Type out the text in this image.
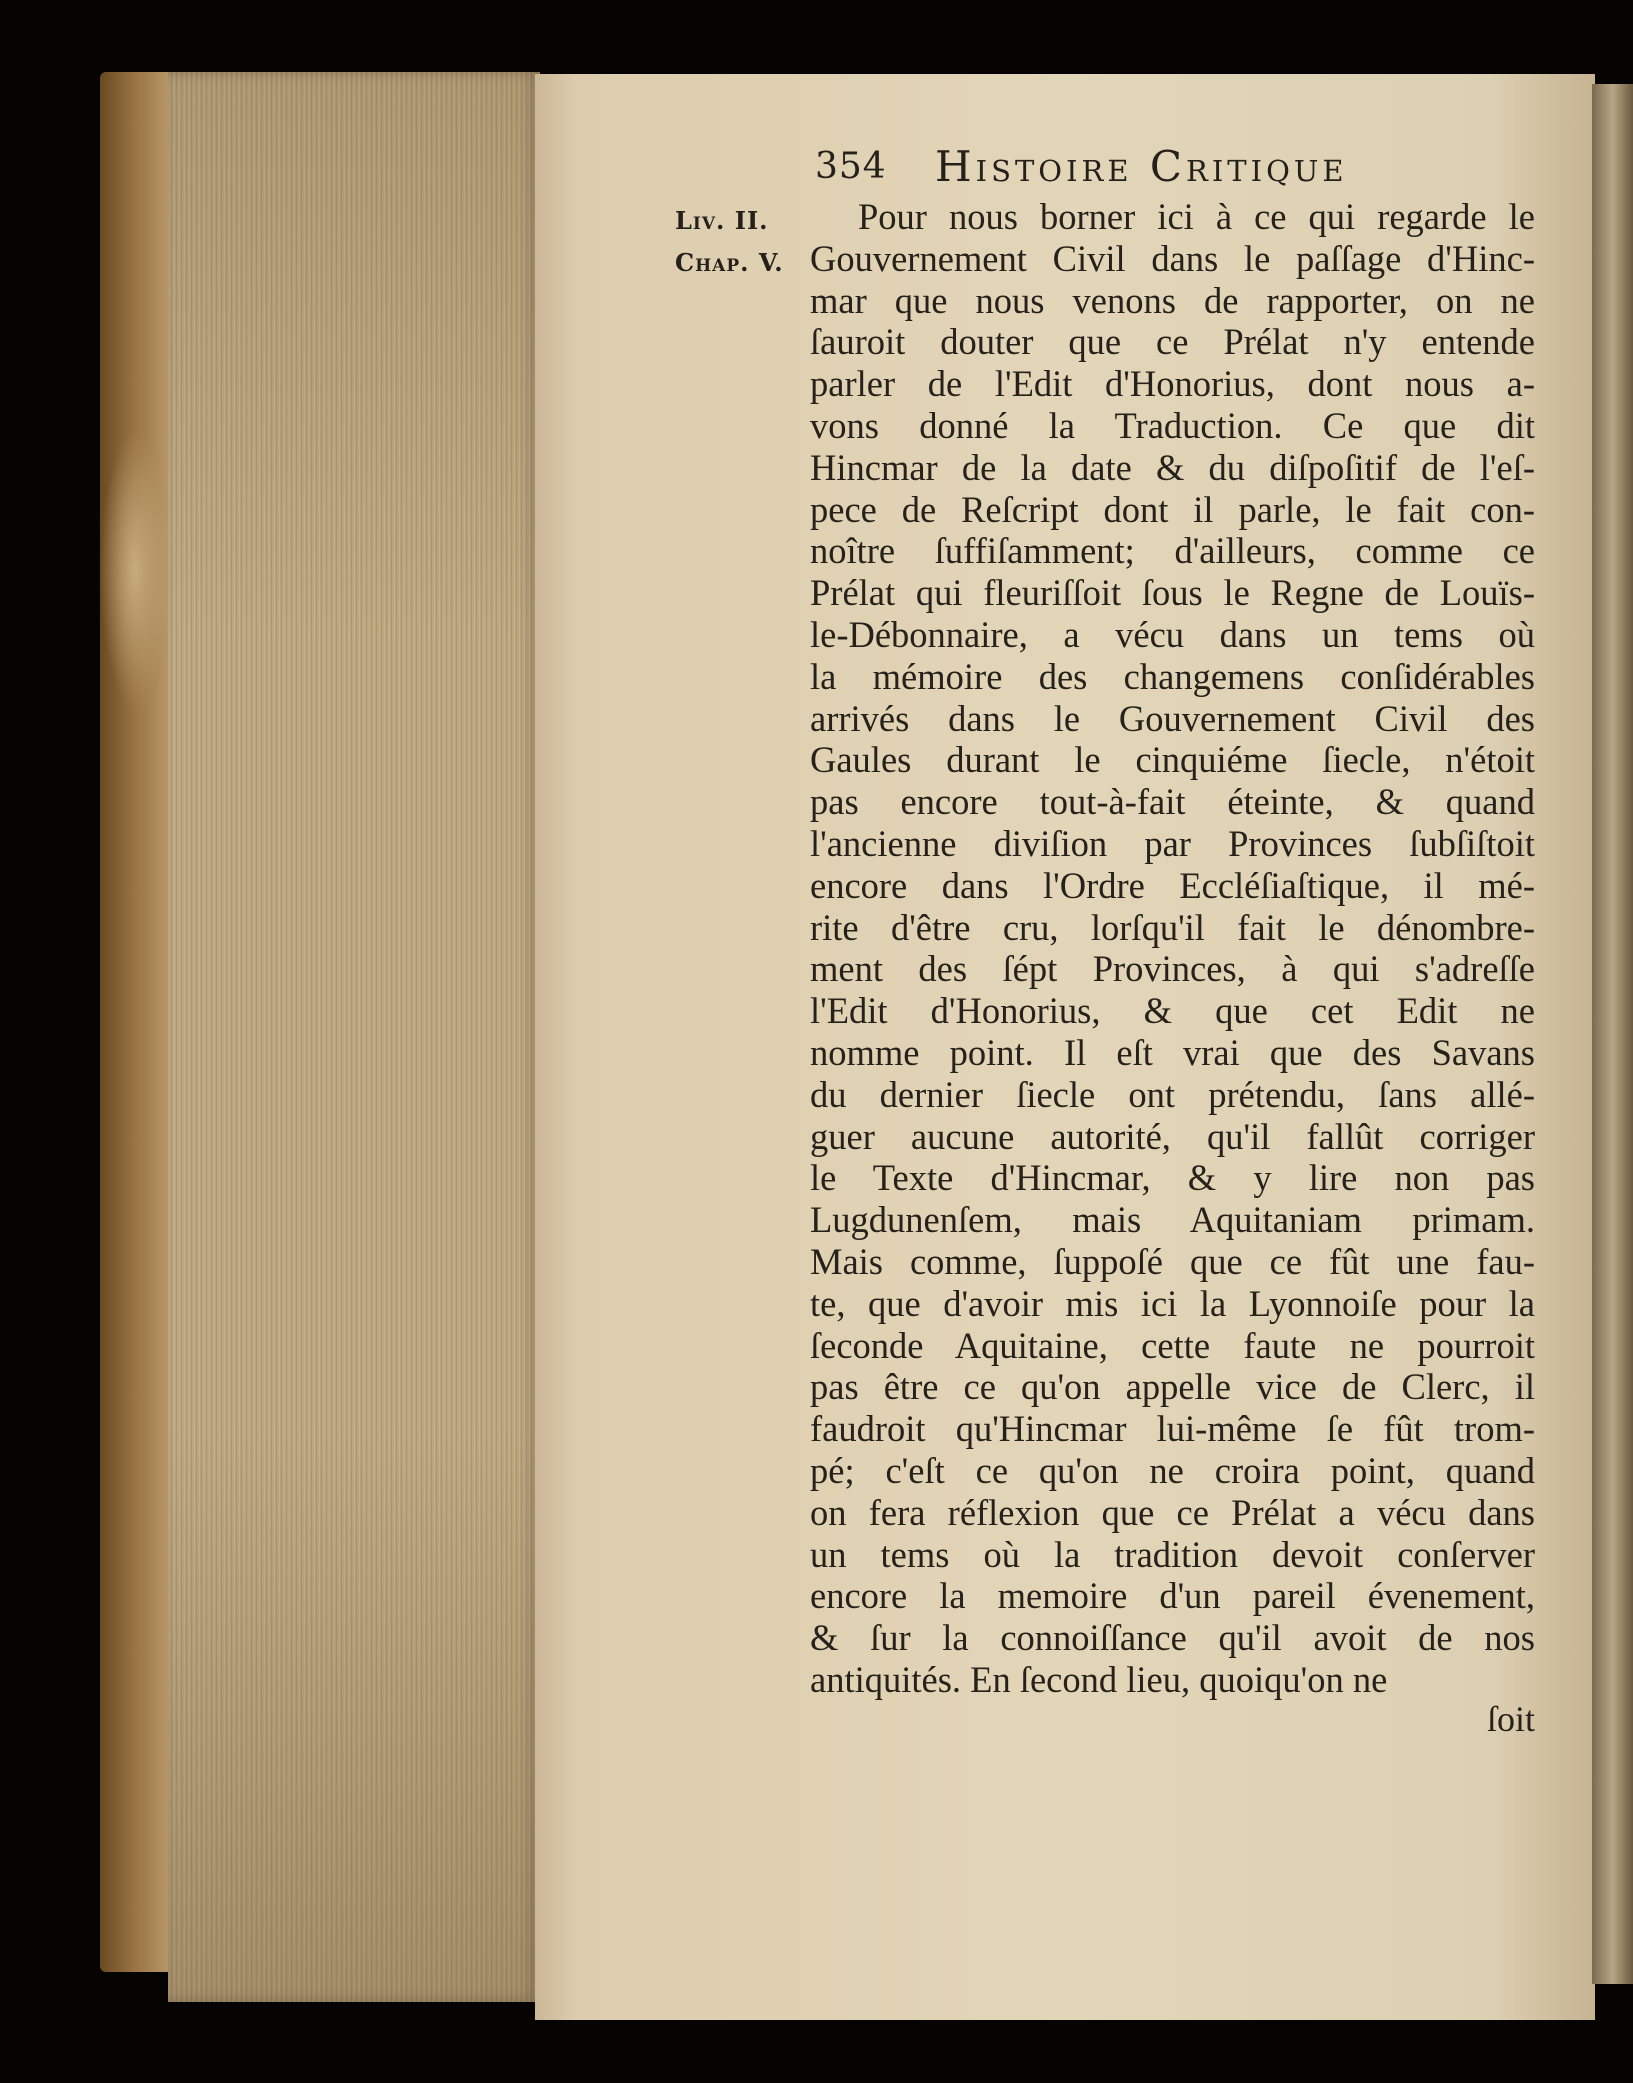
354 Histoire Critique
Liv. II.
Chap. V.
Pour nous borner ici à ce qui regarde le
Gouvernement Civil dans le paſſage d'Hinc-
mar que nous venons de rapporter, on ne
ſauroit douter que ce Prélat n'y entende
parler de l'Edit d'Honorius, dont nous a-
vons donné la Traduction. Ce que dit
Hincmar de la date & du diſpoſitif de l'eſ-
pece de Reſcript dont il parle, le fait con-
noître ſuffiſamment; d'ailleurs, comme ce
Prélat qui fleuriſſoit ſous le Regne de Louïs-
le-Débonnaire, a vécu dans un tems où
la mémoire des changemens conſidérables
arrivés dans le Gouvernement Civil des
Gaules durant le cinquiéme ſiecle, n'étoit
pas encore tout-à-fait éteinte, & quand
l'ancienne diviſion par Provinces ſubſiſtoit
encore dans l'Ordre Eccléſiaſtique, il mé-
rite d'être cru, lorſqu'il fait le dénombre-
ment des ſépt Provinces, à qui s'adreſſe
l'Edit d'Honorius, & que cet Edit ne
nomme point. Il eſt vrai que des Savans
du dernier ſiecle ont prétendu, ſans allé-
guer aucune autorité, qu'il fallût corriger
le Texte d'Hincmar, & y lire non pas
Lugdunenſem, mais Aquitaniam primam.
Mais comme, ſuppoſé que ce fût une fau-
te, que d'avoir mis ici la Lyonnoiſe pour la
ſeconde Aquitaine, cette faute ne pourroit
pas être ce qu'on appelle vice de Clerc, il
faudroit qu'Hincmar lui-même ſe fût trom-
pé; c'eſt ce qu'on ne croira point, quand
on fera réflexion que ce Prélat a vécu dans
un tems où la tradition devoit conſerver
encore la memoire d'un pareil évenement,
& ſur la connoiſſance qu'il avoit de nos
antiquités. En ſecond lieu, quoiqu'on ne
ſoit
